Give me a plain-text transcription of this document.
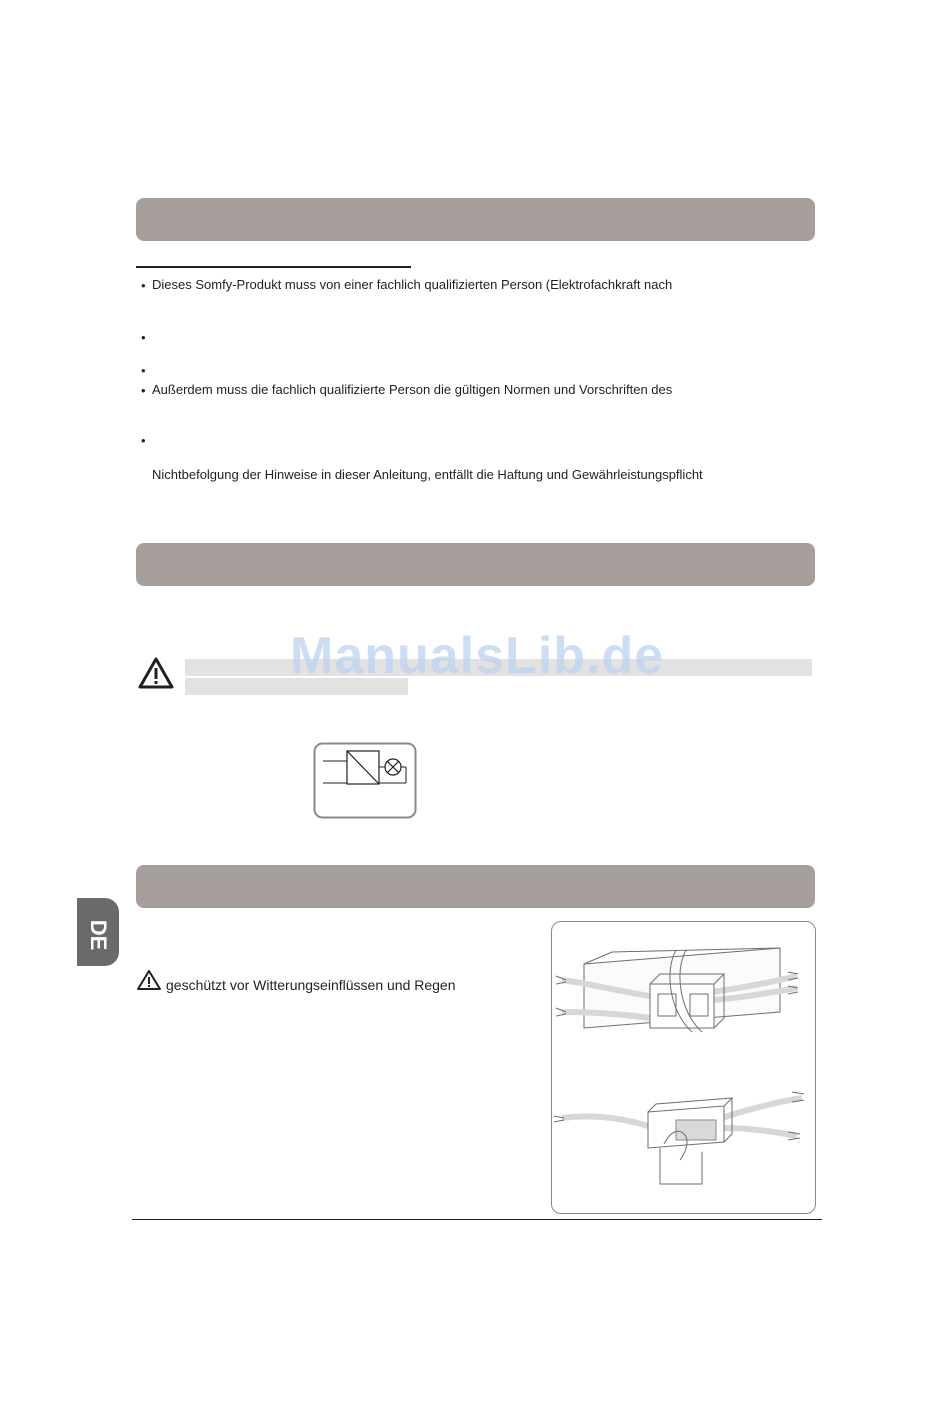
• Dieses Somfy-Produkt muss von einer fachlich qualifizierten Person (Elektrofachkraft nach
•
•
• Außerdem muss die fachlich qualifizierte Person die gültigen Normen und Vorschriften des
•
Nichtbefolgung der Hinweise in dieser Anleitung, entfällt die Haftung und Gewährleistungspflicht
ManualsLib.de
geschützt vor Witterungseinflüssen und Regen
DE
